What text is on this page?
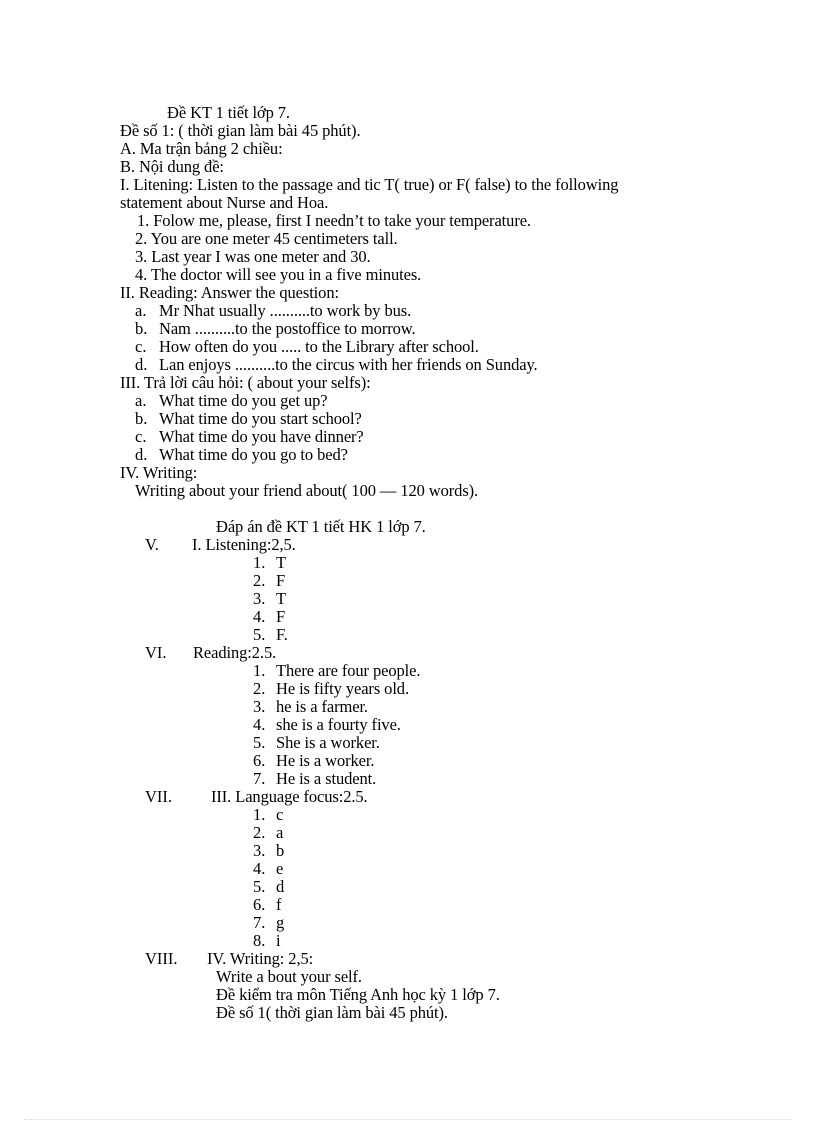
Đề KT 1 tiết lớp 7.
Đề số 1: ( thời gian làm bài 45 phút).
A. Ma trận bảng 2 chiều:
B. Nội dung đề:
I. Litening: Listen to the passage and tic T( true) or F( false) to the following
statement about Nurse and Hoa.
1. Folow me, please, first I needn’t to take your temperature.
2. You are one meter 45 centimeters tall.
3. Last year I was one meter and 30.
4. The doctor will see you in a five minutes.
II. Reading: Answer the question:
a. Mr Nhat usually ..........to work by bus.
b. Nam ..........to the postoffice to morrow.
c. How often do you ..... to the Library after school.
d. Lan enjoys ..........to the circus with her friends on Sunday.
III. Trả lời câu hỏi: ( about your selfs):
a. What time do you get up?
b. What time do you start school?
c. What time do you have dinner?
d. What time do you go to bed?
IV. Writing:
Writing about your friend about( 100 — 120 words).
Đáp án đề KT 1 tiết HK 1 lớp 7.
V. I. Listening:2,5.
1. T
2. F
3. T
4. F
5. F.
VI. Reading:2.5.
1. There are four people.
2. He is fifty years old.
3. he is a farmer.
4. she is a fourty five.
5. She is a worker.
6. He is a worker.
7. He is a student.
VII. III. Language focus:2.5.
1. c
2. a
3. b
4. e
5. d
6. f
7. g
8. i
VIII. IV. Writing: 2,5:
Write a bout your self.
Đề kiểm tra môn Tiếng Anh học kỳ 1 lớp 7.
Đề số 1( thời gian làm bài 45 phút).
